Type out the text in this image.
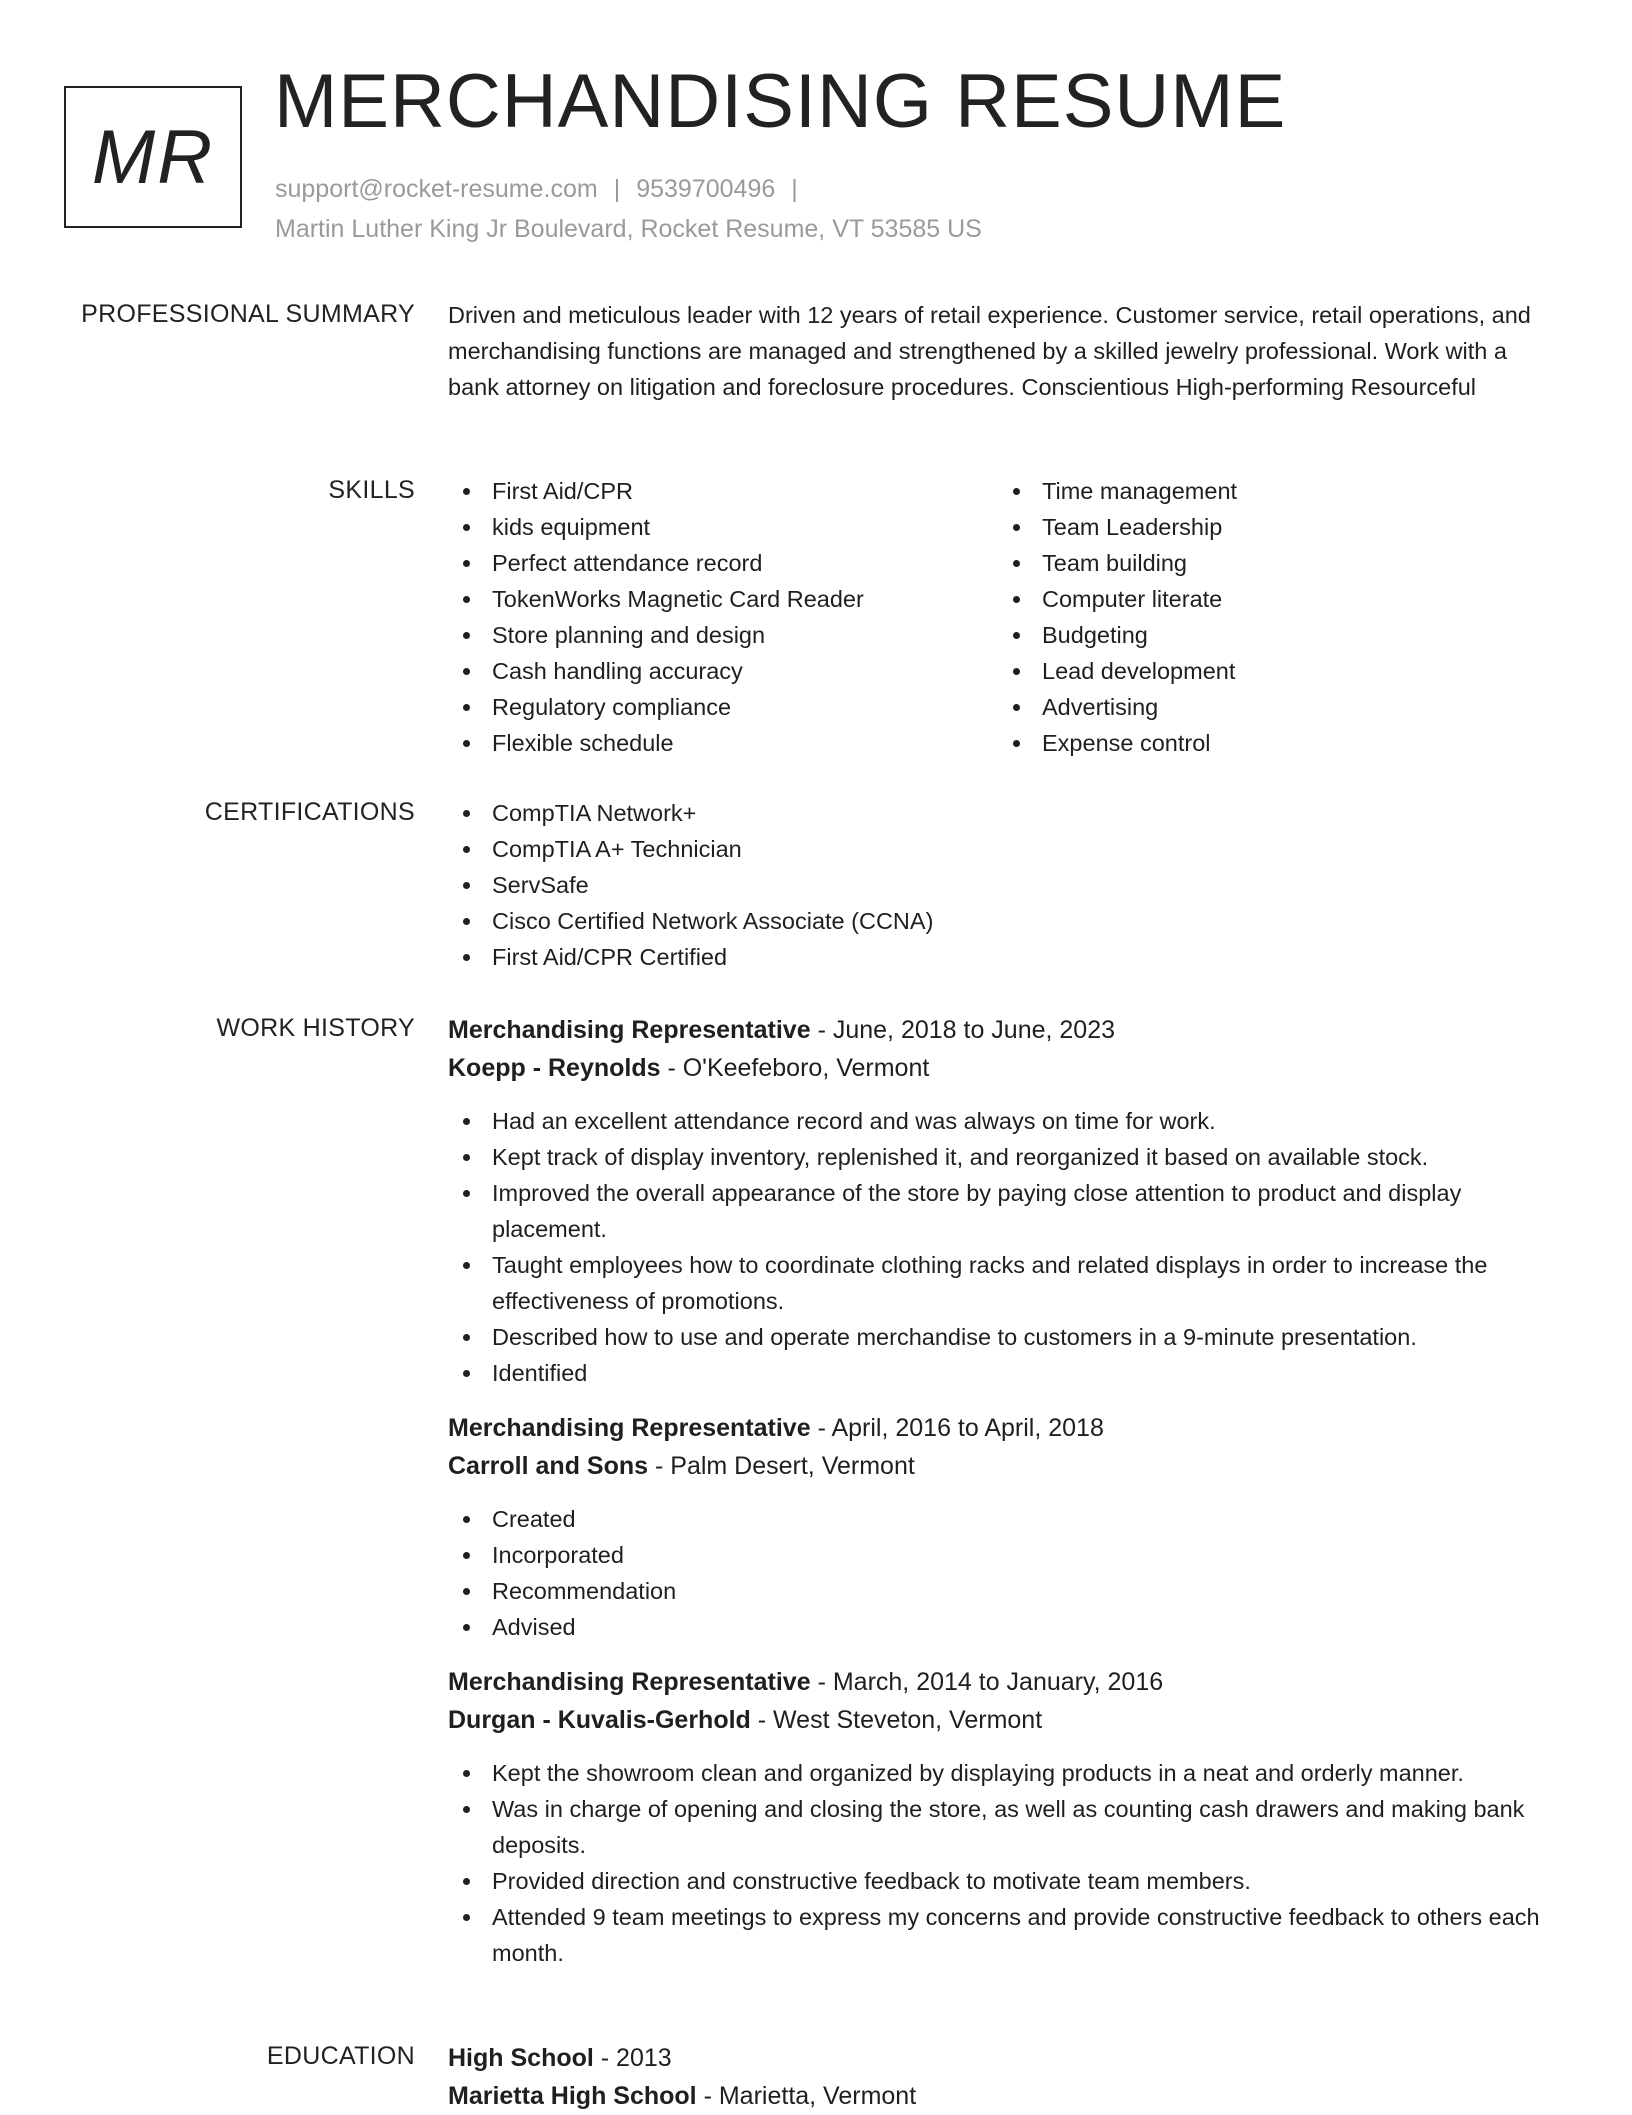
MR
MERCHANDISING RESUME
support@rocket-resume.com | 9539700496 |
Martin Luther King Jr Boulevard, Rocket Resume, VT 53585 US
PROFESSIONAL SUMMARY Driven and meticulous leader with 12 years of retail experience. Customer service, retail operations, and merchandising functions are managed and strengthened by a skilled jewelry professional. Work with a bank attorney on litigation and foreclosure procedures. Conscientious High-performing Resourceful

SKILLS	First Aid/CPR
kids equipment
Perfect attendance record
TokenWorks Magnetic Card Reader
Store planning and design
Cash handling accuracy
Regulatory compliance
Flexible schedule
Time management
Team Leadership
Team building
Computer literate
Budgeting
Lead development
Advertising
Expense control
CERTIFICATIONS	CompTIA Network+
CompTIA A+ Technician
ServSafe
Cisco Certified Network Associate (CCNA)
First Aid/CPR Certified
WORK HISTORY Merchandising Representative - June, 2018 to June, 2023
Koepp - Reynolds - O'Keefeboro, Vermont
Had an excellent attendance record and was always on time for work.
Kept track of display inventory, replenished it, and reorganized it based on available stock.
Improved the overall appearance of the store by paying close attention to product and display placement.
Taught employees how to coordinate clothing racks and related displays in order to increase the effectiveness of promotions.
Described how to use and operate merchandise to customers in a 9-minute presentation.
Identified
Merchandising Representative - April, 2016 to April, 2018
Carroll and Sons - Palm Desert, Vermont
Created
Incorporated
Recommendation
Advised
Merchandising Representative - March, 2014 to January, 2016
Durgan - Kuvalis-Gerhold - West Steveton, Vermont
Kept the showroom clean and organized by displaying products in a neat and orderly manner.
Was in charge of opening and closing the store, as well as counting cash drawers and making bank deposits.
Provided direction and constructive feedback to motivate team members.
Attended 9 team meetings to express my concerns and provide constructive feedback to others each month.
EDUCATION High School - 2013
Marietta High School - Marietta, Vermont
